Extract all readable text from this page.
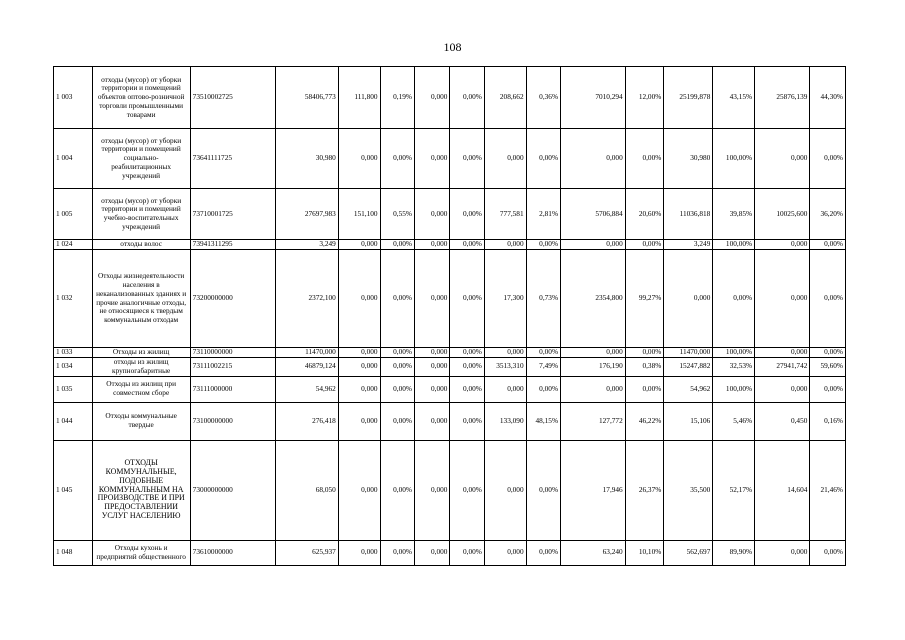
108
1 003	отходы (мусор) от уборки территории и помещений объектов оптово-розничной торговли промышленными товарами	73510002725	58406,773	111,800	0,19%	0,000	0,00%	208,662	0,36%	7010,294	12,00%	25199,878	43,15%	25876,139	44,30%
1 004	отходы (мусор) от уборки территории и помещений социально-реабилитационных учреждений	73641111725	30,980	0,000	0,00%	0,000	0,00%	0,000	0,00%	0,000	0,00%	30,980	100,00%	0,000	0,00%
1 005	отходы (мусор) от уборки территории и помещений учебно-воспитательных учреждений	73710001725	27697,983	151,100	0,55%	0,000	0,00%	777,581	2,81%	5706,884	20,60%	11036,818	39,85%	10025,600	36,20%
1 024	отходы волос	73941311295	3,249	0,000	0,00%	0,000	0,00%	0,000	0,00%	0,000	0,00%	3,249	100,00%	0,000	0,00%
1 032	Отходы жизнедеятельности населения в неканализованных зданиях и прочие аналогичные отходы, не относящиеся к твердым коммунальным отходам	73200000000	2372,100	0,000	0,00%	0,000	0,00%	17,300	0,73%	2354,800	99,27%	0,000	0,00%	0,000	0,00%
1 033	Отходы из жилищ	73110000000	11470,000	0,000	0,00%	0,000	0,00%	0,000	0,00%	0,000	0,00%	11470,000	100,00%	0,000	0,00%
1 034	отходы из жилищ крупногабаритные	73111002215	46879,124	0,000	0,00%	0,000	0,00%	3513,310	7,49%	176,190	0,38%	15247,882	32,53%	27941,742	59,60%
1 035	Отходы из жилищ при совместном сборе	73111000000	54,962	0,000	0,00%	0,000	0,00%	0,000	0,00%	0,000	0,00%	54,962	100,00%	0,000	0,00%
1 044	Отходы коммунальные твердые	73100000000	276,418	0,000	0,00%	0,000	0,00%	133,090	48,15%	127,772	46,22%	15,106	5,46%	0,450	0,16%
1 045	ОТХОДЫ КОММУНАЛЬНЫЕ, ПОДОБНЫЕ КОММУНАЛЬНЫМ НА ПРОИЗВОДСТВЕ И ПРИ ПРЕДОСТАВЛЕНИИ УСЛУГ НАСЕЛЕНИЮ	73000000000	68,050	0,000	0,00%	0,000	0,00%	0,000	0,00%	17,946	26,37%	35,500	52,17%	14,604	21,46%
1 048	Отходы кухонь и предприятий общественного	73610000000	625,937	0,000	0,00%	0,000	0,00%	0,000	0,00%	63,240	10,10%	562,697	89,90%	0,000	0,00%
